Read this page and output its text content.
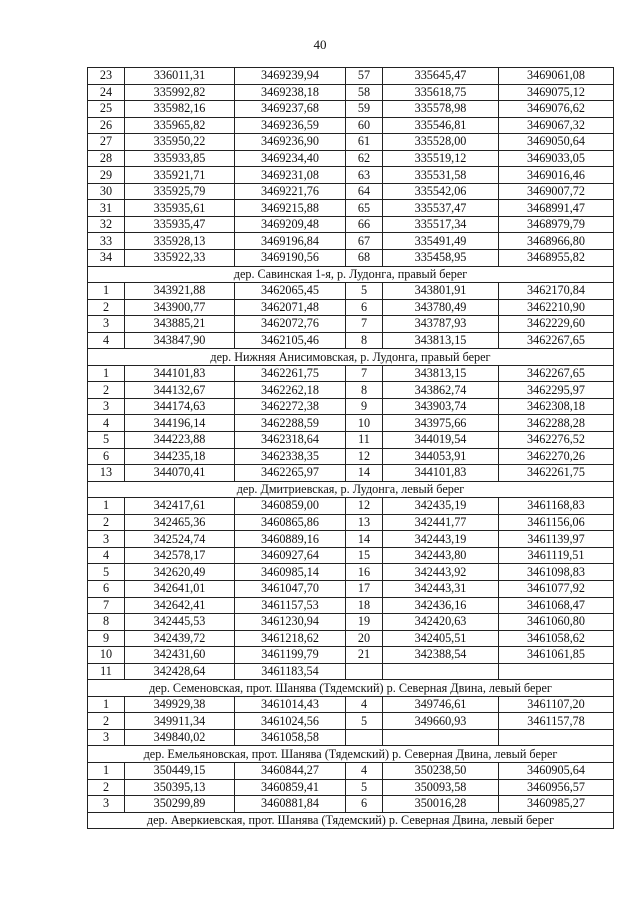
40
23	336011,31	3469239,94	57	335645,47	3469061,08
24	335992,82	3469238,18	58	335618,75	3469075,12
25	335982,16	3469237,68	59	335578,98	3469076,62
26	335965,82	3469236,59	60	335546,81	3469067,32
27	335950,22	3469236,90	61	335528,00	3469050,64
28	335933,85	3469234,40	62	335519,12	3469033,05
29	335921,71	3469231,08	63	335531,58	3469016,46
30	335925,79	3469221,76	64	335542,06	3469007,72
31	335935,61	3469215,88	65	335537,47	3468991,47
32	335935,47	3469209,48	66	335517,34	3468979,79
33	335928,13	3469196,84	67	335491,49	3468966,80
34	335922,33	3469190,56	68	335458,95	3468955,82
дер. Савинская 1-я, р. Лудонга, правый берег					
1	343921,88	3462065,45	5	343801,91	3462170,84
2	343900,77	3462071,48	6	343780,49	3462210,90
3	343885,21	3462072,76	7	343787,93	3462229,60
4	343847,90	3462105,46	8	343813,15	3462267,65
дер. Нижняя Анисимовская, р. Лудонга, правый берег					
1	344101,83	3462261,75	7	343813,15	3462267,65
2	344132,67	3462262,18	8	343862,74	3462295,97
3	344174,63	3462272,38	9	343903,74	3462308,18
4	344196,14	3462288,59	10	343975,66	3462288,28
5	344223,88	3462318,64	11	344019,54	3462276,52
6	344235,18	3462338,35	12	344053,91	3462270,26
13	344070,41	3462265,97	14	344101,83	3462261,75
дер. Дмитриевская, р. Лудонга, левый берег					
1	342417,61	3460859,00	12	342435,19	3461168,83
2	342465,36	3460865,86	13	342441,77	3461156,06
3	342524,74	3460889,16	14	342443,19	3461139,97
4	342578,17	3460927,64	15	342443,80	3461119,51
5	342620,49	3460985,14	16	342443,92	3461098,83
6	342641,01	3461047,70	17	342443,31	3461077,92
7	342642,41	3461157,53	18	342436,16	3461068,47
8	342445,53	3461230,94	19	342420,63	3461060,80
9	342439,72	3461218,62	20	342405,51	3461058,62
10	342431,60	3461199,79	21	342388,54	3461061,85
11	342428,64	3461183,54			
дер. Семеновская, прот. Шанява (Тядемский) р. Северная Двина, левый берег					
1	349929,38	3461014,43	4	349746,61	3461107,20
2	349911,34	3461024,56	5	349660,93	3461157,78
3	349840,02	3461058,58			
дер. Емельяновская, прот. Шанява (Тядемский) р. Северная Двина, левый берег					
1	350449,15	3460844,27	4	350238,50	3460905,64
2	350395,13	3460859,41	5	350093,58	3460956,57
3	350299,89	3460881,84	6	350016,28	3460985,27
дер. Аверкиевская, прот. Шанява (Тядемский) р. Северная Двина, левый берег					
